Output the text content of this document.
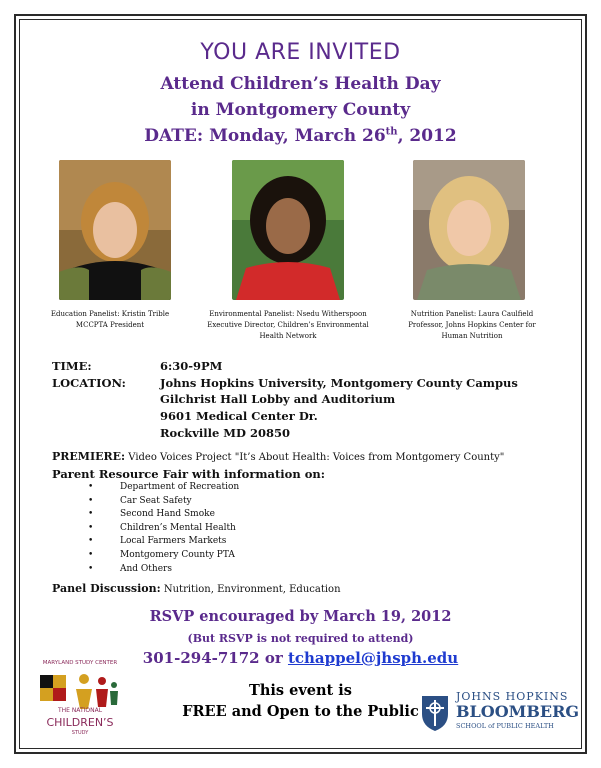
YOU ARE INVITED
Attend Children’s Health Day
in Montgomery County
DATE: Monday, March 26th, 2012
Education Panelist: Kristin Trible
MCCPTA President
Environmental Panelist: Nsedu Witherspoon
Executive Director, Children’s Environmental
Health Network
Nutrition Panelist: Laura Caulfield
Professor, Johns Hopkins Center for
Human Nutrition
TIME:	6:30-9PM
LOCATION:	Johns Hopkins University, Montgomery County Campus
Gilchrist Hall Lobby and Auditorium
9601 Medical Center Dr.
Rockville MD 20850
PREMIERE: Video Voices Project "It’s About Health: Voices from Montgomery County"
Parent Resource Fair with information on:
• Department of Recreation
• Car Seat Safety
• Second Hand Smoke
• Children’s Mental Health
• Local Farmers Markets
• Montgomery County PTA
• And Others
Panel Discussion: Nutrition, Environment, Education
RSVP encouraged by March 19, 2012
(But RSVP is not required to attend)
301-294-7172 or tchappel@jhsph.edu
This event is
FREE and Open to the Public
MARYLAND STUDY CENTER
THE NATIONAL
CHILDREN’S
STUDY
JOHNS HOPKINS
BLOOMBERG
SCHOOL of PUBLIC HEALTH
